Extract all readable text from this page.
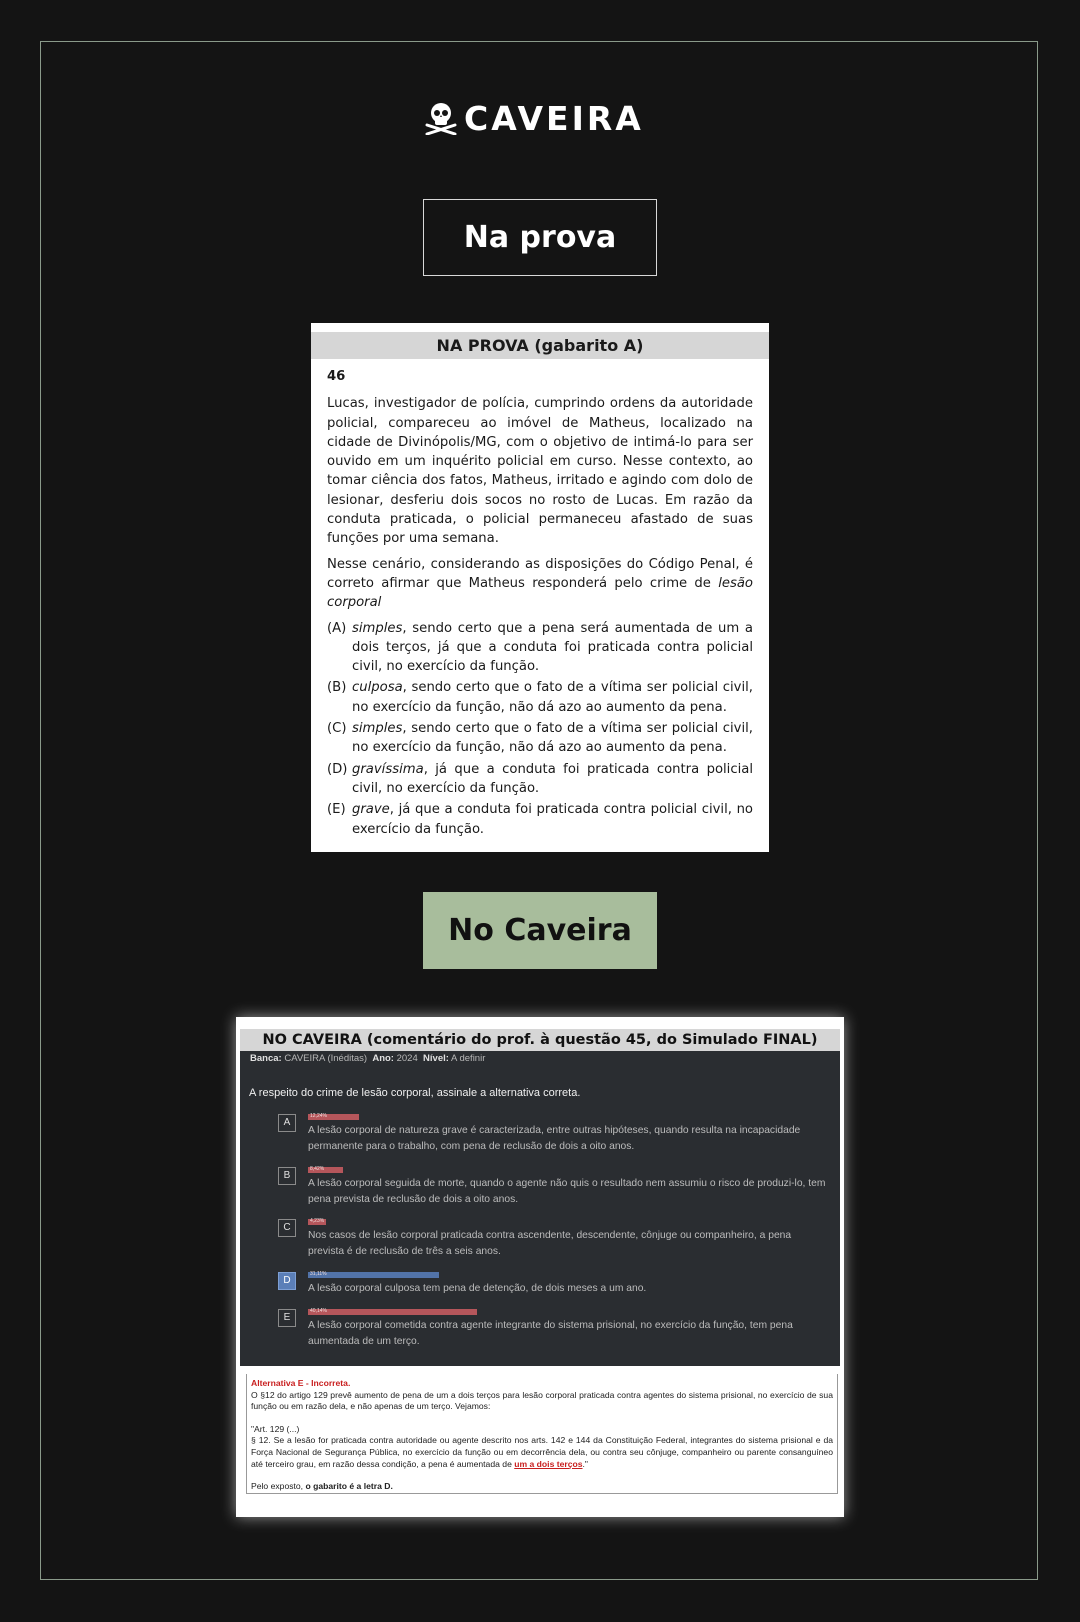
CAVEIRA
Na prova
NA PROVA (gabarito A)
46

Lucas, investigador de polícia, cumprindo ordens da autoridade policial, compareceu ao imóvel de Matheus, localizado na cidade de Divinópolis/MG, com o objetivo de intimá-lo para ser ouvido em um inquérito policial em curso. Nesse contexto, ao tomar ciência dos fatos, Matheus, irritado e agindo com dolo de lesionar, desferiu dois socos no rosto de Lucas. Em razão da conduta praticada, o policial permaneceu afastado de suas funções por uma semana.

Nesse cenário, considerando as disposições do Código Penal, é correto afirmar que Matheus responderá pelo crime de lesão corporal

(A) simples, sendo certo que a pena será aumentada de um a dois terços, já que a conduta foi praticada contra policial civil, no exercício da função.
(B) culposa, sendo certo que o fato de a vítima ser policial civil, no exercício da função, não dá azo ao aumento da pena.
(C) simples, sendo certo que o fato de a vítima ser policial civil, no exercício da função, não dá azo ao aumento da pena.
(D) gravíssima, já que a conduta foi praticada contra policial civil, no exercício da função.
(E) grave, já que a conduta foi praticada contra policial civil, no exercício da função.
No Caveira
NO CAVEIRA (comentário do prof. à questão 45, do Simulado FINAL)
Banca: CAVEIRA (Inéditas) Ano: 2024 Nível: A definir
A respeito do crime de lesão corporal, assinale a alternativa correta.
A
12,24%
A lesão corporal de natureza grave é caracterizada, entre outras hipóteses, quando resulta na incapacidade permanente para o trabalho, com pena de reclusão de dois a oito anos.
B
8,42%
A lesão corporal seguida de morte, quando o agente não quis o resultado nem assumiu o risco de produzi-lo, tem pena prevista de reclusão de dois a oito anos.
C
4,23%
Nos casos de lesão corporal praticada contra ascendente, descendente, cônjuge ou companheiro, a pena prevista é de reclusão de três a seis anos.
D
31,11%
A lesão corporal culposa tem pena de detenção, de dois meses a um ano.
E
40,14%
A lesão corporal cometida contra agente integrante do sistema prisional, no exercício da função, tem pena aumentada de um terço.
Alternativa E - Incorreta.
O §12 do artigo 129 prevê aumento de pena de um a dois terços para lesão corporal praticada contra agentes do sistema prisional, no exercício de sua função ou em razão dela, e não apenas de um terço. Vejamos:
"Art. 129 (...)
§ 12. Se a lesão for praticada contra autoridade ou agente descrito nos arts. 142 e 144 da Constituição Federal, integrantes do sistema prisional e da Força Nacional de Segurança Pública, no exercício da função ou em decorrência dela, ou contra seu cônjuge, companheiro ou parente consanguíneo até terceiro grau, em razão dessa condição, a pena é aumentada de um a dois terços."
Pelo exposto, o gabarito é a letra D.
